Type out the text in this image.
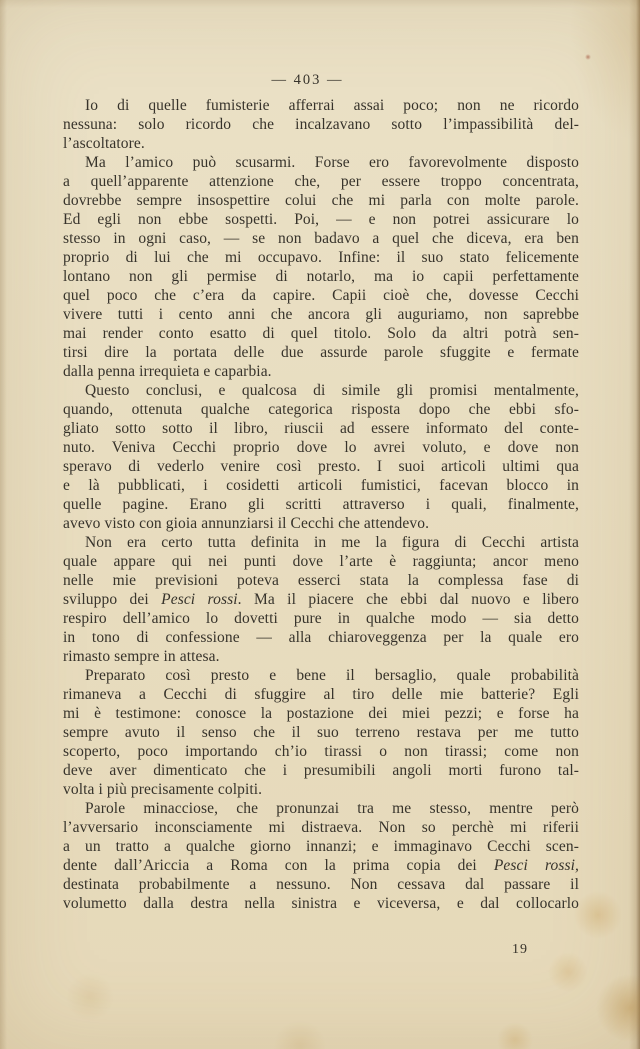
— 403 —
Io di quelle fumisterie afferrai assai poco; non ne ricordo
nessuna: solo ricordo che incalzavano sotto l’impassibilità del-
l’ascoltatore.
Ma l’amico può scusarmi. Forse ero favorevolmente disposto
a quell’apparente attenzione che, per essere troppo concentrata,
dovrebbe sempre insospettire colui che mi parla con molte parole.
Ed egli non ebbe sospetti. Poi, — e non potrei assicurare lo
stesso in ogni caso, — se non badavo a quel che diceva, era ben
proprio di lui che mi occupavo. Infine: il suo stato felicemente
lontano non gli permise di notarlo, ma io capii perfettamente
quel poco che c’era da capire. Capii cioè che, dovesse Cecchi
vivere tutti i cento anni che ancora gli auguriamo, non saprebbe
mai render conto esatto di quel titolo. Solo da altri potrà sen-
tirsi dire la portata delle due assurde parole sfuggite e fermate
dalla penna irrequieta e caparbia.
Questo conclusi, e qualcosa di simile gli promisi mentalmente,
quando, ottenuta qualche categorica risposta dopo che ebbi sfo-
gliato sotto sotto il libro, riuscii ad essere informato del conte-
nuto. Veniva Cecchi proprio dove lo avrei voluto, e dove non
speravo di vederlo venire così presto. I suoi articoli ultimi qua
e là pubblicati, i cosidetti articoli fumistici, facevan blocco in
quelle pagine. Erano gli scritti attraverso i quali, finalmente,
avevo visto con gioia annunziarsi il Cecchi che attendevo.
Non era certo tutta definita in me la figura di Cecchi artista
quale appare qui nei punti dove l’arte è raggiunta; ancor meno
nelle mie previsioni poteva esserci stata la complessa fase di
sviluppo dei Pesci rossi. Ma il piacere che ebbi dal nuovo e libero
respiro dell’amico lo dovetti pure in qualche modo — sia detto
in tono di confessione — alla chiaroveggenza per la quale ero
rimasto sempre in attesa.
Preparato così presto e bene il bersaglio, quale probabilità
rimaneva a Cecchi di sfuggire al tiro delle mie batterie? Egli
mi è testimone: conosce la postazione dei miei pezzi; e forse ha
sempre avuto il senso che il suo terreno restava per me tutto
scoperto, poco importando ch’io tirassi o non tirassi; come non
deve aver dimenticato che i presumibili angoli morti furono tal-
volta i più precisamente colpiti.
Parole minacciose, che pronunzai tra me stesso, mentre però
l’avversario inconsciamente mi distraeva. Non so perchè mi riferii
a un tratto a qualche giorno innanzi; e immaginavo Cecchi scen-
dente dall’Ariccia a Roma con la prima copia dei Pesci rossi,
destinata probabilmente a nessuno. Non cessava dal passare il
volumetto dalla destra nella sinistra e viceversa, e dal collocarlo
19
